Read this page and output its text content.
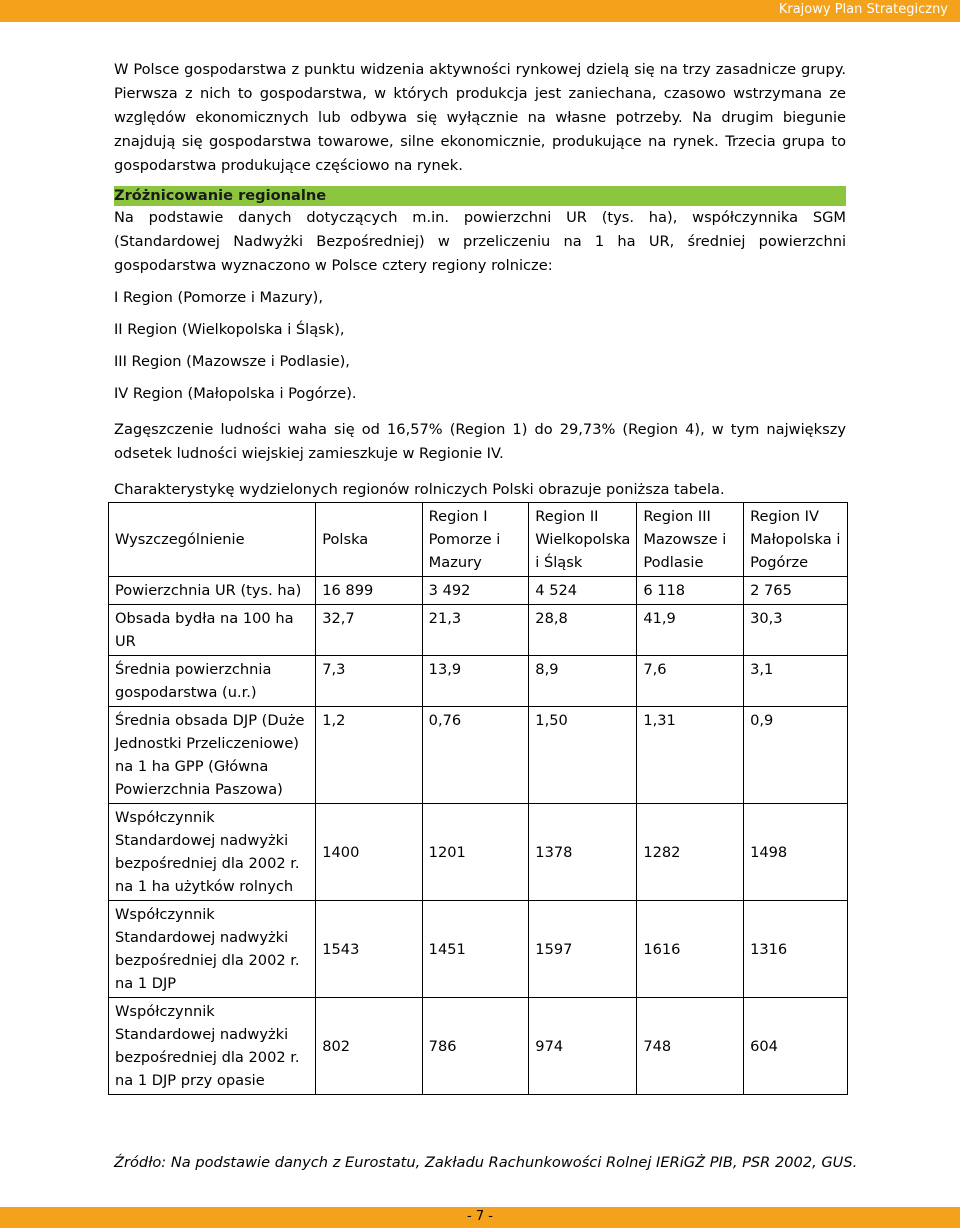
Krajowy Plan Strategiczny

W Polsce gospodarstwa z punktu widzenia aktywności rynkowej dzielą się na trzy zasadnicze grupy. Pierwsza z nich to gospodarstwa, w których produkcja jest zaniechana, czasowo wstrzymana ze względów ekonomicznych lub odbywa się wyłącznie na własne potrzeby. Na drugim biegunie znajdują się gospodarstwa towarowe, silne ekonomicznie, produkujące na rynek. Trzecia grupa to gospodarstwa produkujące częściowo na rynek.

Zróżnicowanie regionalne

Na podstawie danych dotyczących m.in. powierzchni UR (tys. ha), współczynnika SGM (Standardowej Nadwyżki Bezpośredniej) w przeliczeniu na 1 ha UR, średniej powierzchni gospodarstwa wyznaczono w Polsce cztery regiony rolnicze:

I Region (Pomorze i Mazury),

II Region (Wielkopolska i Śląsk),

III Region (Mazowsze i Podlasie),

IV Region (Małopolska i Pogórze).

Zagęszczenie ludności waha się od 16,57% (Region 1) do 29,73% (Region 4), w tym największy odsetek ludności wiejskiej zamieszkuje w Regionie IV.

Charakterystykę wydzielonych regionów rolniczych Polski obrazuje poniższa tabela.

Wyszczególnienie	Polska	Region I Pomorze i Mazury	Region II Wielkopolska i Śląsk	Region III Mazowsze i Podlasie	Region IV Małopolska i Pogórze
Powierzchnia UR (tys. ha)	16 899	3 492	4 524	6 118	2 765
Obsada bydła na 100 ha UR	32,7	21,3	28,8	41,9	30,3
Średnia powierzchnia gospodarstwa (u.r.)	7,3	13,9	8,9	7,6	3,1
Średnia obsada DJP (Duże Jednostki Przeliczeniowe) na 1 ha GPP (Główna Powierzchnia Paszowa)	1,2	0,76	1,50	1,31	0,9
Współczynnik Standardowej nadwyżki bezpośredniej dla 2002 r. na 1 ha użytków rolnych	1400	1201	1378	1282	1498
Współczynnik Standardowej nadwyżki bezpośredniej dla 2002 r. na 1 DJP	1543	1451	1597	1616	1316
Współczynnik Standardowej nadwyżki bezpośredniej dla 2002 r. na 1 DJP przy opasie	802	786	974	748	604
Źródło: Na podstawie danych z Eurostatu, Zakładu Rachunkowości Rolnej IERiGŻ PIB, PSR 2002, GUS.
- 7 -
